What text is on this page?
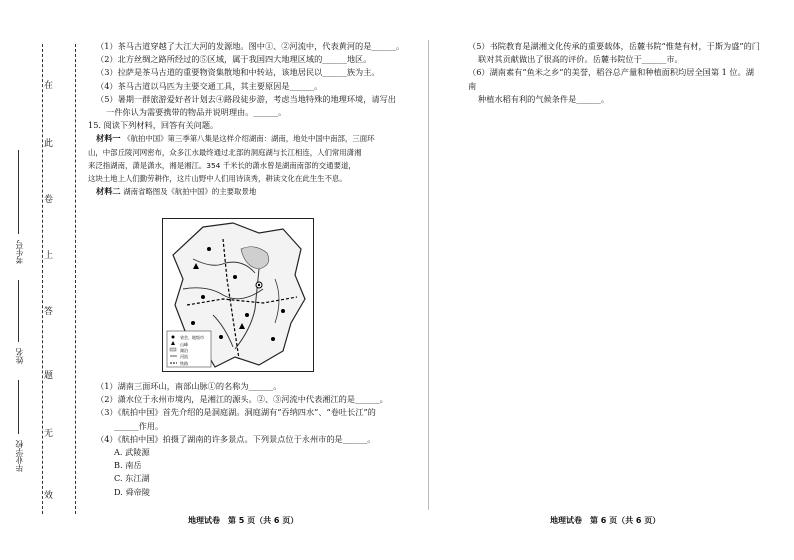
在
此
卷
上
答
题
无
效
考生号
姓名
毕业学校

（1）茶马古道穿越了大江大河的发源地。图中①、②河流中，代表黄河的是______。

（2）北方丝绸之路所经过的⑤区域，属于我国四大地理区域的______地区。

（3）拉萨是茶马古道的重要物资集散地和中转站，该地居民以______族为主。

（4）茶马古道以马匹为主要交通工具，其主要原因是______。

（5）暑期一群旅游爱好者计划去④路段徒步游，考虑当地特殊的地理环境，请写出

一件你认为需要携带的物品并说明理由。______。

15. 阅读下列材料，回答有关问题。

材料一 《航拍中国》第三季第八集是这样介绍湖南：湖南，地处中国中南部，三面环

山，中部丘陵河网密布，众多江水最终通过北部的洞庭湖与长江相连，人们常用潇湘

来泛指湖南，潇是潇水，湘是湘江。354 千米长的潇水曾是湖南南部的交通要道，

这块土地上人们勤劳耕作，这片山野中人们用诗读秀，耕读文化在此生生不息。

材料二 湖南省略图及《航拍中国》的主要取景地

省会、地级市
山峰
湖泊
河流
铁路

（1）湖南三面环山，南部山脉①的名称为______。

（2）潇水位于永州市境内，是湘江的源头。②、③河流中代表湘江的是______。

（3）《航拍中国》首先介绍的是洞庭湖。洞庭湖有“吞纳四水”、“卷吐长江”的

______作用。

（4）《航拍中国》拍摄了湖南的许多景点。下列景点位于永州市的是______。

A. 武陵源

B. 南岳

C. 东江湖

D. 舜帝陵

（5）书院教育是湖湘文化传承的重要载体，岳麓书院“惟楚有材，于斯为盛”的门

联对其贡献做出了很高的评价。岳麓书院位于______市。

（6）湖南素有“鱼米之乡”的美誉，稻谷总产量和种植面积均居全国第 1 位。湖南

种植水稻有利的气候条件是______。

地理试卷　第 5 页（共 6 页）	地理试卷　第 6 页（共 6 页）
